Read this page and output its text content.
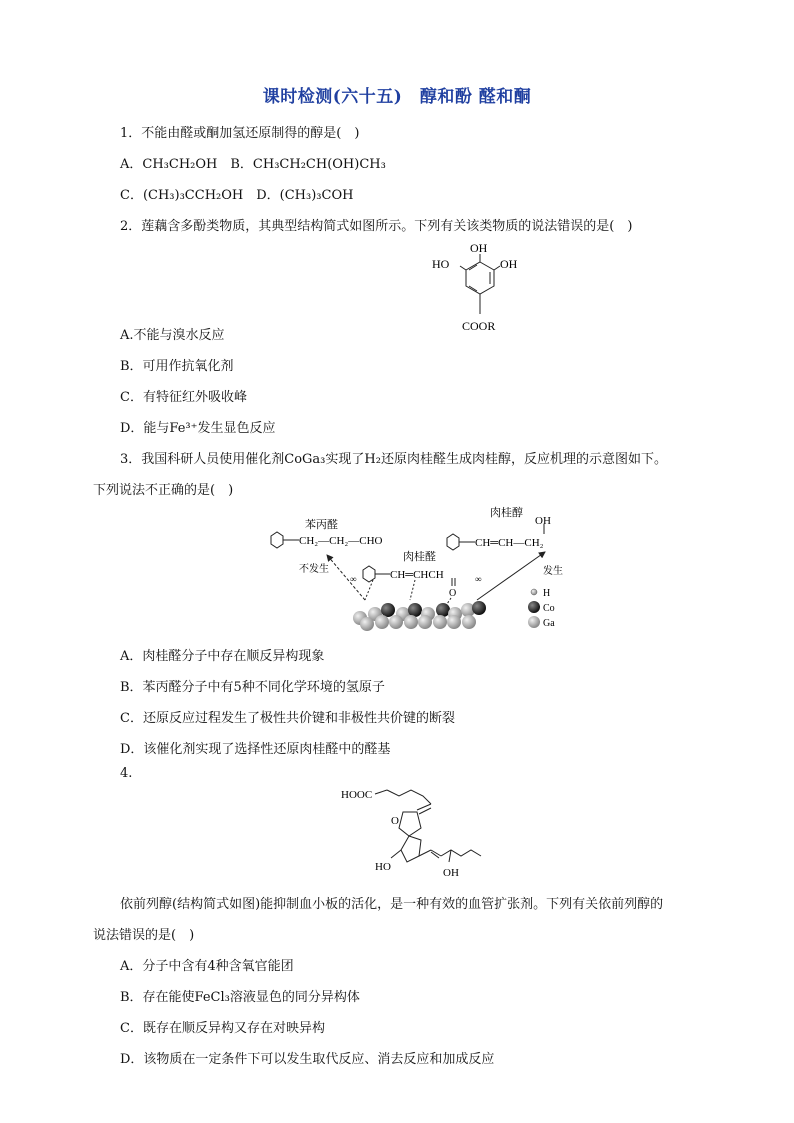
课时检测(六十五)　醇和酚 醛和酮
1．不能由醛或酮加氢还原制得的醇是(　)
A．CH₃CH₂OH　B．CH₃CH₂CH(OH)CH₃
C．(CH₃)₃CCH₂OH　D．(CH₃)₃COH
2．莲藕含多酚类物质，其典型结构简式如图所示。下列有关该类物质的说法错误的是(　)
OH
HO	OH
COOR
A.不能与溴水反应
B．可用作抗氧化剂
C．有特征红外吸收峰
D．能与Fe³⁺发生显色反应
3．我国科研人员使用催化剂CoGa₃实现了H₂还原肉桂醛生成肉桂醇，反应机理的示意图如下。
下列说法不正确的是(　)
苯丙醛
CH₂—CH₂—CHO
肉桂醇
CH═CH—CH₂
OH
肉桂醛
CH═CHCH
O
∞	∞
不发生	发生
H
Co
Ga
A．肉桂醛分子中存在顺反异构现象
B．苯丙醛分子中有5种不同化学环境的氢原子
C．还原反应过程发生了极性共价键和非极性共价键的断裂
D．该催化剂实现了选择性还原肉桂醛中的醛基
4.
HOOC
O
HO	OH
依前列醇(结构简式如图)能抑制血小板的活化，是一种有效的血管扩张剂。下列有关依前列醇的
说法错误的是(　)
A．分子中含有4种含氧官能团
B．存在能使FeCl₃溶液显色的同分异构体
C．既存在顺反异构又存在对映异构
D．该物质在一定条件下可以发生取代反应、消去反应和加成反应
